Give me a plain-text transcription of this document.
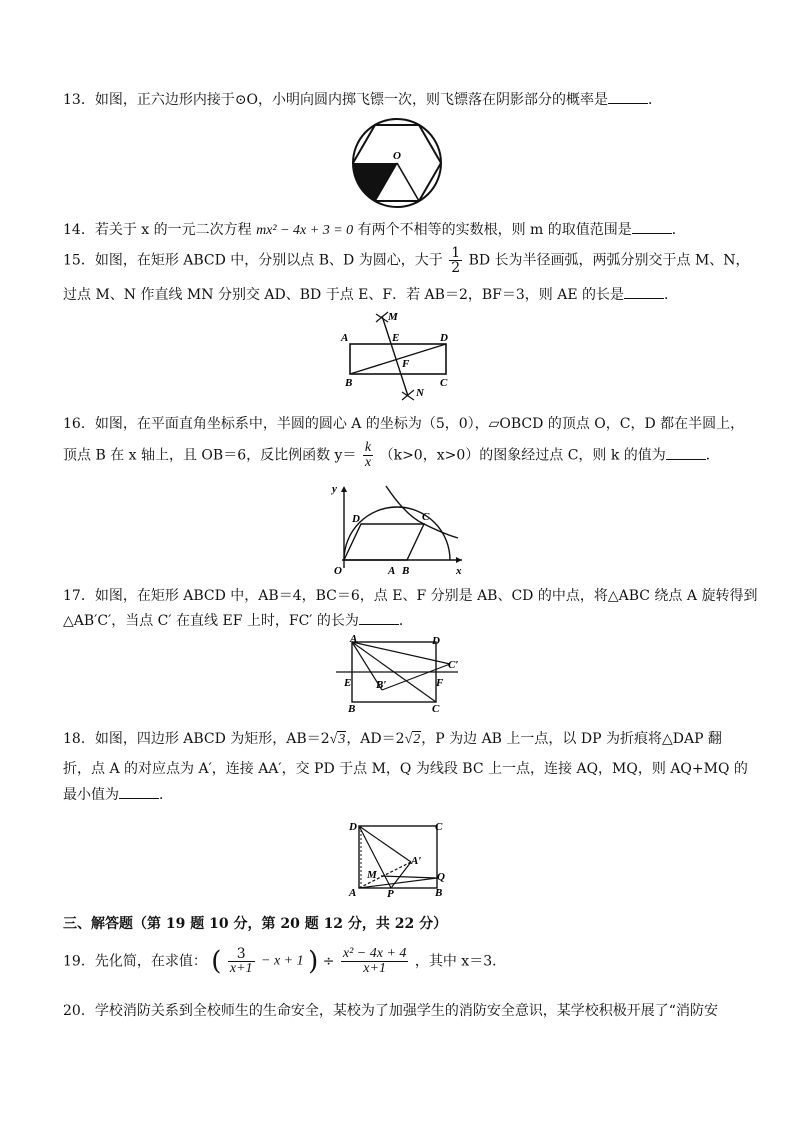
13．如图，正六边形内接于⊙O，小明向圆内掷飞镖一次，则飞镖落在阴影部分的概率是	．
O
14．若关于 x 的一元二次方程 mx² − 4x + 3 = 0 有两个不相等的实数根，则 m 的取值范围是	．
15．如图，在矩形 ABCD 中，分别以点 B、D 为圆心，大于 $\frac{1}{2}$ BD 长为半径画弧，两弧分别交于点 M、N，
过点 M、N 作直线 MN 分别交 AD、BD 于点 E、F．若 AB＝2，BF＝3，则 AE 的长是	．
M
A	E	D
F
B	C
N
16．如图，在平面直角坐标系中，半圆的圆心 A 的坐标为（5，0），▱OBCD 的顶点 O，C，D 都在半圆上，
顶点 B 在 x 轴上，且 OB＝6，反比例函数 $y= \frac{k}{x} (k>0$，x>0）的图象经过点 C，则 k 的值为	．
y
D	C
O	A B	x
17．如图，在矩形 ABCD 中，AB＝4，BC＝6，点 E、F 分别是 AB、CD 的中点，将△ABC 绕点 A 旋转得到
△AB′C′，当点 C′ 在直线 EF 上时，FC′ 的长为	．
A	D
C′
E B′	F
B	C
18．如图，四边形 ABCD 为矩形，AB＝2√3，AD＝2√2，P 为边 AB 上一点，以 DP 为折痕将△DAP 翻
折，点 A 的对应点为 A′，连接 AA′，交 PD 于点 M，Q 为线段 BC 上一点，连接 AQ，MQ，则 AQ+MQ 的
最小值为	．
D	C
A′
M	Q
A	P	B
三、解答题（第 19 题 10 分，第 20 题 12 分，共 22 分）
19．先化简，在求值： ( $\frac{3}{x+1} - x + 1$ ) ÷ $\frac{\text{x² − 4x + 4}}{x+1}$ ，其中 x＝3．
20．学校消防关系到全校师生的生命安全，某校为了加强学生的消防安全意识，某学校积极开展了“消防安
